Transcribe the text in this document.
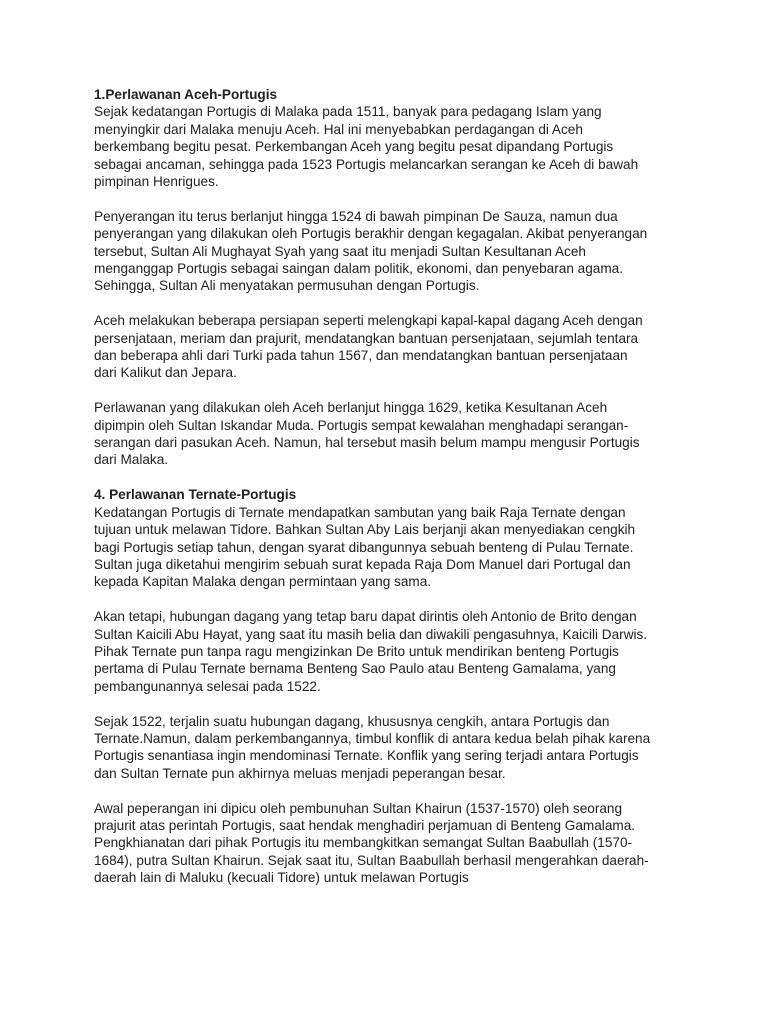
1.Perlawanan Aceh-Portugis
Sejak kedatangan Portugis di Malaka pada 1511, banyak para pedagang Islam yang
menyingkir dari Malaka menuju Aceh. Hal ini menyebabkan perdagangan di Aceh
berkembang begitu pesat. Perkembangan Aceh yang begitu pesat dipandang Portugis
sebagai ancaman, sehingga pada 1523 Portugis melancarkan serangan ke Aceh di bawah
pimpinan Henrigues.
Penyerangan itu terus berlanjut hingga 1524 di bawah pimpinan De Sauza, namun dua
penyerangan yang dilakukan oleh Portugis berakhir dengan kegagalan. Akibat penyerangan
tersebut, Sultan Ali Mughayat Syah yang saat itu menjadi Sultan Kesultanan Aceh
menganggap Portugis sebagai saingan dalam politik, ekonomi, dan penyebaran agama.
Sehingga, Sultan Ali menyatakan permusuhan dengan Portugis.
Aceh melakukan beberapa persiapan seperti melengkapi kapal-kapal dagang Aceh dengan
persenjataan, meriam dan prajurit, mendatangkan bantuan persenjataan, sejumlah tentara
dan beberapa ahli dari Turki pada tahun 1567, dan mendatangkan bantuan persenjataan
dari Kalikut dan Jepara.
Perlawanan yang dilakukan oleh Aceh berlanjut hingga 1629, ketika Kesultanan Aceh
dipimpin oleh Sultan Iskandar Muda. Portugis sempat kewalahan menghadapi serangan-
serangan dari pasukan Aceh. Namun, hal tersebut masih belum mampu mengusir Portugis
dari Malaka.
4. Perlawanan Ternate-Portugis
Kedatangan Portugis di Ternate mendapatkan sambutan yang baik Raja Ternate dengan
tujuan untuk melawan Tidore. Bahkan Sultan Aby Lais berjanji akan menyediakan cengkih
bagi Portugis setiap tahun, dengan syarat dibangunnya sebuah benteng di Pulau Ternate.
Sultan juga diketahui mengirim sebuah surat kepada Raja Dom Manuel dari Portugal dan
kepada Kapitan Malaka dengan permintaan yang sama.
Akan tetapi, hubungan dagang yang tetap baru dapat dirintis oleh Antonio de Brito dengan
Sultan Kaicili Abu Hayat, yang saat itu masih belia dan diwakili pengasuhnya, Kaicili Darwis.
Pihak Ternate pun tanpa ragu mengizinkan De Brito untuk mendirikan benteng Portugis
pertama di Pulau Ternate bernama Benteng Sao Paulo atau Benteng Gamalama, yang
pembangunannya selesai pada 1522.
Sejak 1522, terjalin suatu hubungan dagang, khususnya cengkih, antara Portugis dan
Ternate.Namun, dalam perkembangannya, timbul konflik di antara kedua belah pihak karena
Portugis senantiasa ingin mendominasi Ternate. Konflik yang sering terjadi antara Portugis
dan Sultan Ternate pun akhirnya meluas menjadi peperangan besar.
Awal peperangan ini dipicu oleh pembunuhan Sultan Khairun (1537-1570) oleh seorang
prajurit atas perintah Portugis, saat hendak menghadiri perjamuan di Benteng Gamalama.
Pengkhianatan dari pihak Portugis itu membangkitkan semangat Sultan Baabullah (1570-
1684), putra Sultan Khairun. Sejak saat itu, Sultan Baabullah berhasil mengerahkan daerah-
daerah lain di Maluku (kecuali Tidore) untuk melawan Portugis
